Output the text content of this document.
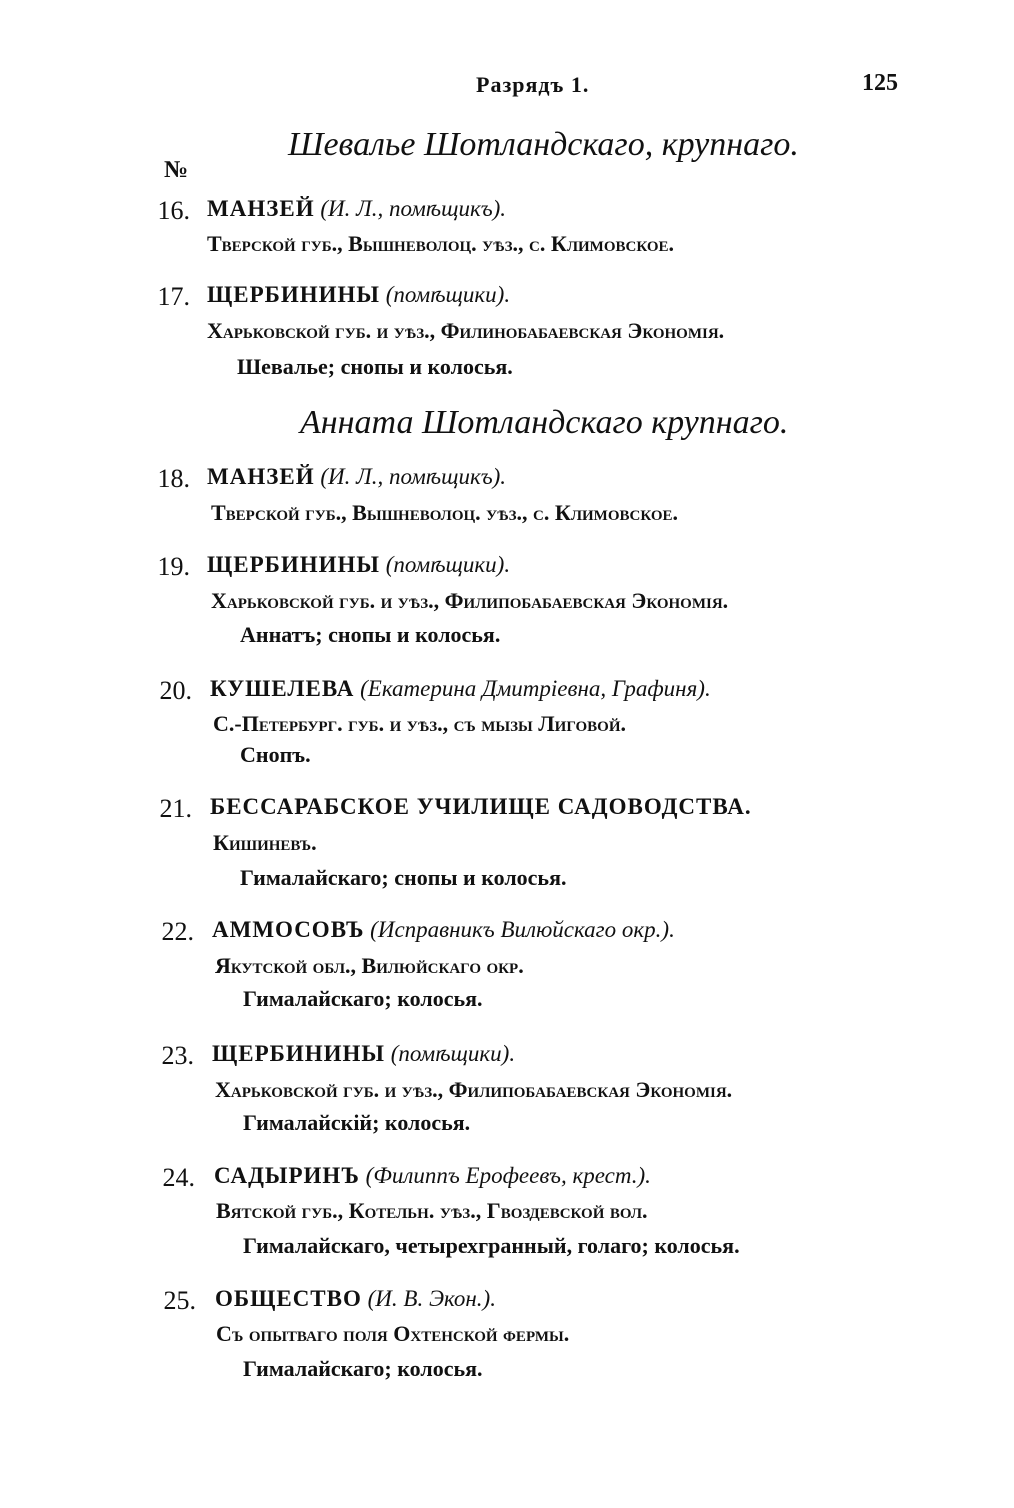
Разрядъ 1.	125
Шевалье Шотландскаго, крупнаго.
№
16. МАНЗЕЙ (И. Л., помѣщикъ).
Тверской губ., Вышневолоц. уѣз., с. Климовское.
17. ЩЕРБИНИНЫ (помѣщики).
Харьковской губ. и уѣз., Филинобабаевская Экономія.
Шевалье; снопы и колосья.
Анната Шотландскаго крупнаго.
18. МАНЗЕЙ (И. Л., помѣщикъ).
Тверской губ., Вышневолоц. уѣз., с. Климовское.
19. ЩЕРБИНИНЫ (помѣщики).
Харьковской губ. и уѣз., Филипобабаевская Экономія.
Аннатъ; снопы и колосья.
20. КУШЕЛЕВА (Екатерина Дмитріевна, Графиня).
С.-Петербург. губ. и уѣз., съ мызы Лиговой.
Снопъ.
21. БЕССАРАБСКОЕ УЧИЛИЩЕ САДОВОДСТВА.
Кишиневъ.
Гималайскаго; снопы и колосья.
22. АММОСОВЪ (Исправникъ Вилюйскаго окр.).
Якутской обл., Вилюйскаго окр.
Гималайскаго; колосья.
23. ЩЕРБИНИНЫ (помѣщики).
Харьковской губ. и уѣз., Филипобабаевская Экономія.
Гималайскій; колосья.
24. САДЫРИНЪ (Филиппъ Ерофеевъ, крест.).
Вятской губ., Котельн. уѣз., Гвоздевской вол.
Гималайскаго, четырехгранный, голаго; колосья.
25. ОБЩЕСТВО (И. В. Экон.).
Съ опытваго поля Охтенской фермы.
Гималайскаго; колосья.
